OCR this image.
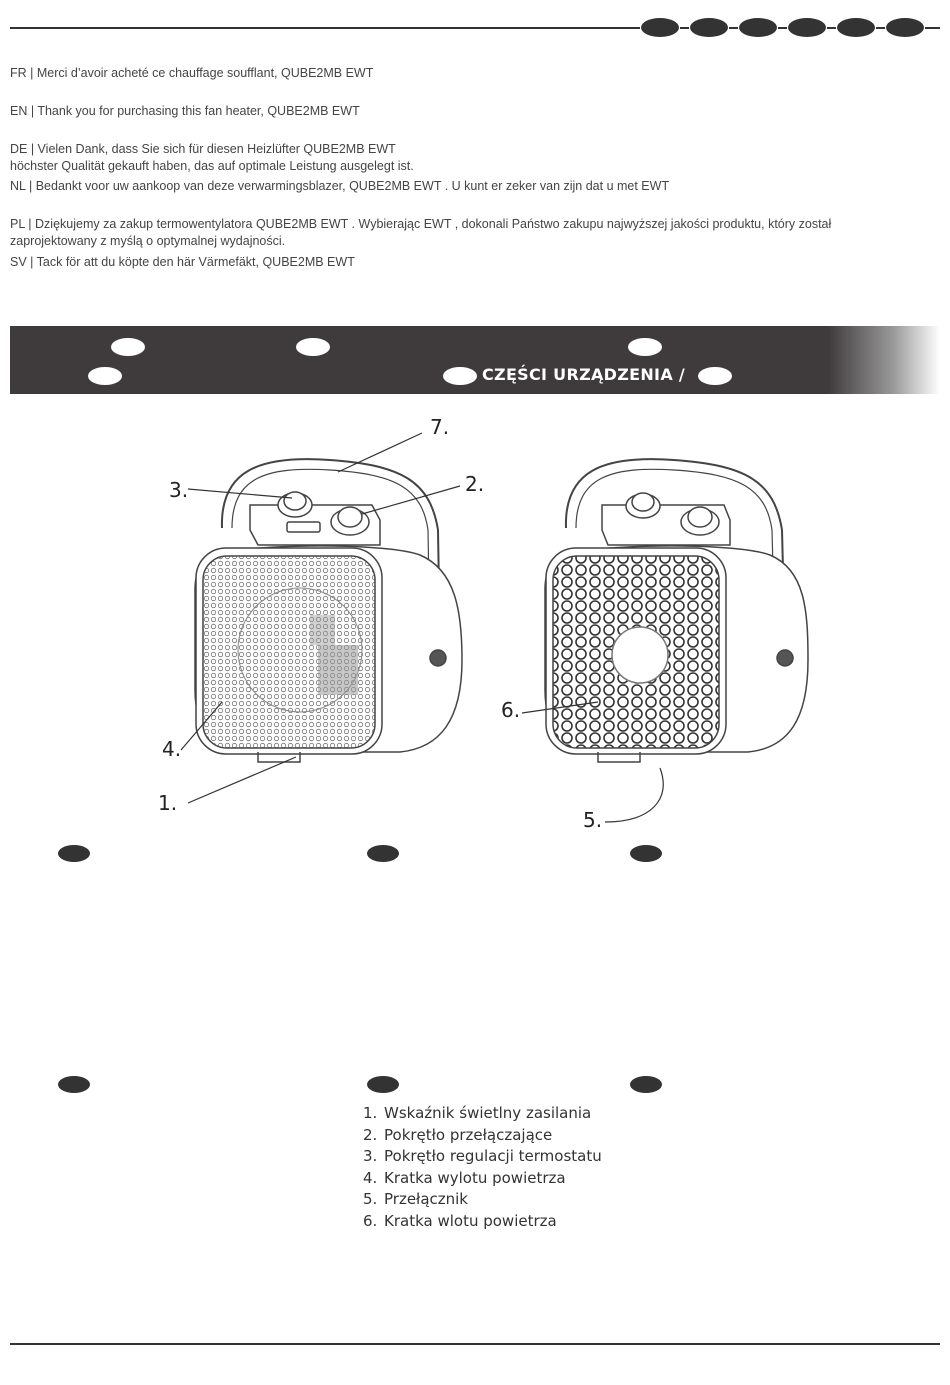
FR | Merci d’avoir acheté ce chauffage soufflant, QUBE2MB EWT
EN | Thank you for purchasing this fan heater, QUBE2MB EWT
DE | Vielen Dank, dass Sie sich für diesen Heizlüfter QUBE2MB EWT
höchster Qualität gekauft haben, das auf optimale Leistung ausgelegt ist.
NL | Bedankt voor uw aankoop van deze verwarmingsblazer, QUBE2MB EWT . U kunt er zeker van zijn dat u met EWT
PL | Dziękujemy za zakup termowentylatora QUBE2MB EWT . Wybierając EWT , dokonali Państwo zakupu najwyższej jakości produktu, który został
zaprojektowany z myślą o optymalnej wydajności.
SV | Tack för att du köpte den här Värmefäkt, QUBE2MB EWT
CZĘŚCI URZĄDZENIA /
7.
3.	2.
6.
4.
1.
5.
1. Wskaźnik świetlny zasilania
2. Pokrętło przełączające
3. Pokrętło regulacji termostatu
4. Kratka wylotu powietrza
5. Przełącznik
6. Kratka wlotu powietrza
